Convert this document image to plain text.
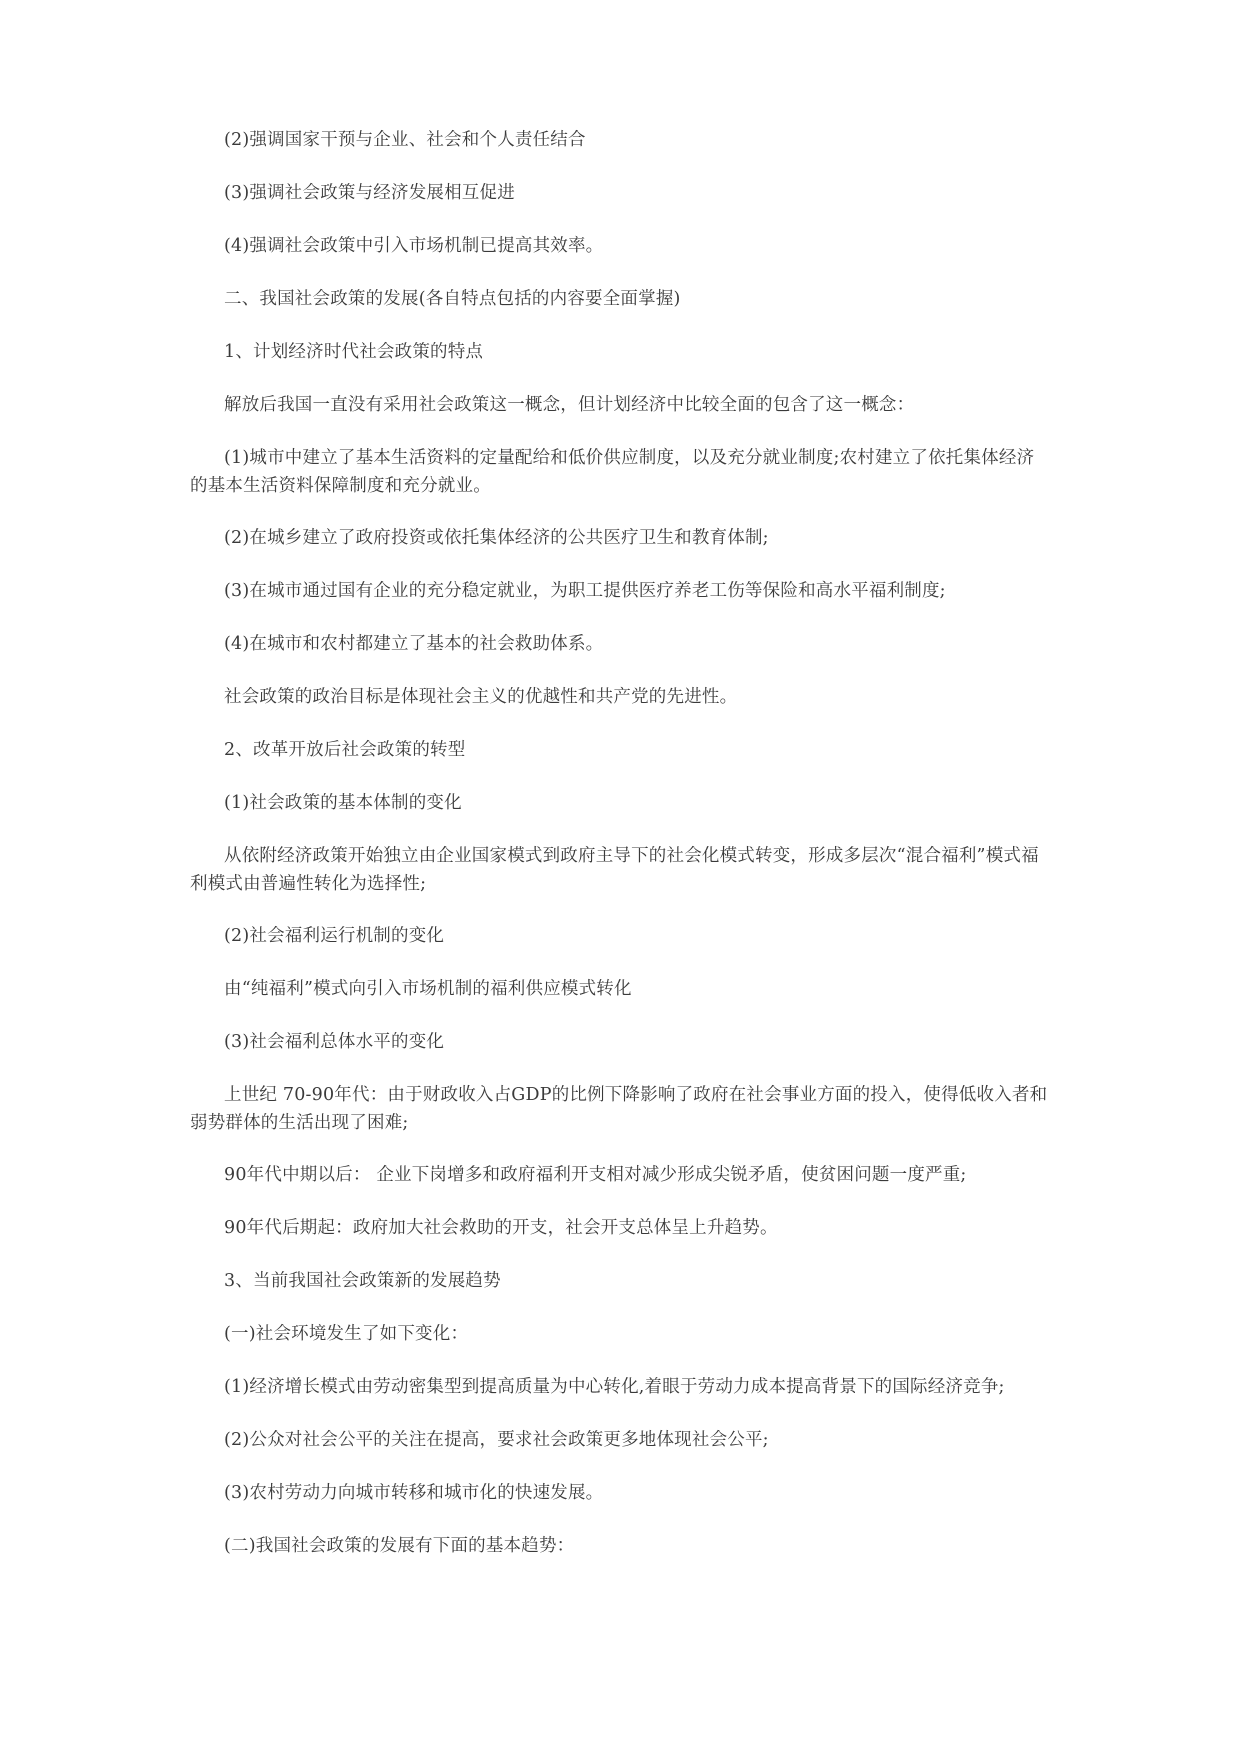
(2)强调国家干预与企业、社会和个人责任结合

(3)强调社会政策与经济发展相互促进

(4)强调社会政策中引入市场机制已提高其效率。

二、我国社会政策的发展(各自特点包括的内容要全面掌握)

1、计划经济时代社会政策的特点

解放后我国一直没有采用社会政策这一概念，但计划经济中比较全面的包含了这一概念：

(1)城市中建立了基本生活资料的定量配给和低价供应制度，以及充分就业制度;农村建立了依托集体经济的基本生活资料保障制度和充分就业。

(2)在城乡建立了政府投资或依托集体经济的公共医疗卫生和教育体制;

(3)在城市通过国有企业的充分稳定就业，为职工提供医疗养老工伤等保险和高水平福利制度;

(4)在城市和农村都建立了基本的社会救助体系。

社会政策的政治目标是体现社会主义的优越性和共产党的先进性。

2、改革开放后社会政策的转型

(1)社会政策的基本体制的变化

从依附经济政策开始独立由企业国家模式到政府主导下的社会化模式转变，形成多层次“混合福利”模式福利模式由普遍性转化为选择性;

(2)社会福利运行机制的变化

由“纯福利”模式向引入市场机制的福利供应模式转化

(3)社会福利总体水平的变化

上世纪 70-90年代：由于财政收入占GDP的比例下降影响了政府在社会事业方面的投入，使得低收入者和弱势群体的生活出现了困难;

90年代中期以后： 企业下岗增多和政府福利开支相对减少形成尖锐矛盾，使贫困问题一度严重;

90年代后期起：政府加大社会救助的开支，社会开支总体呈上升趋势。

3、当前我国社会政策新的发展趋势

(一)社会环境发生了如下变化：

(1)经济增长模式由劳动密集型到提高质量为中心转化,着眼于劳动力成本提高背景下的国际经济竞争;

(2)公众对社会公平的关注在提高，要求社会政策更多地体现社会公平;

(3)农村劳动力向城市转移和城市化的快速发展。

(二)我国社会政策的发展有下面的基本趋势：
